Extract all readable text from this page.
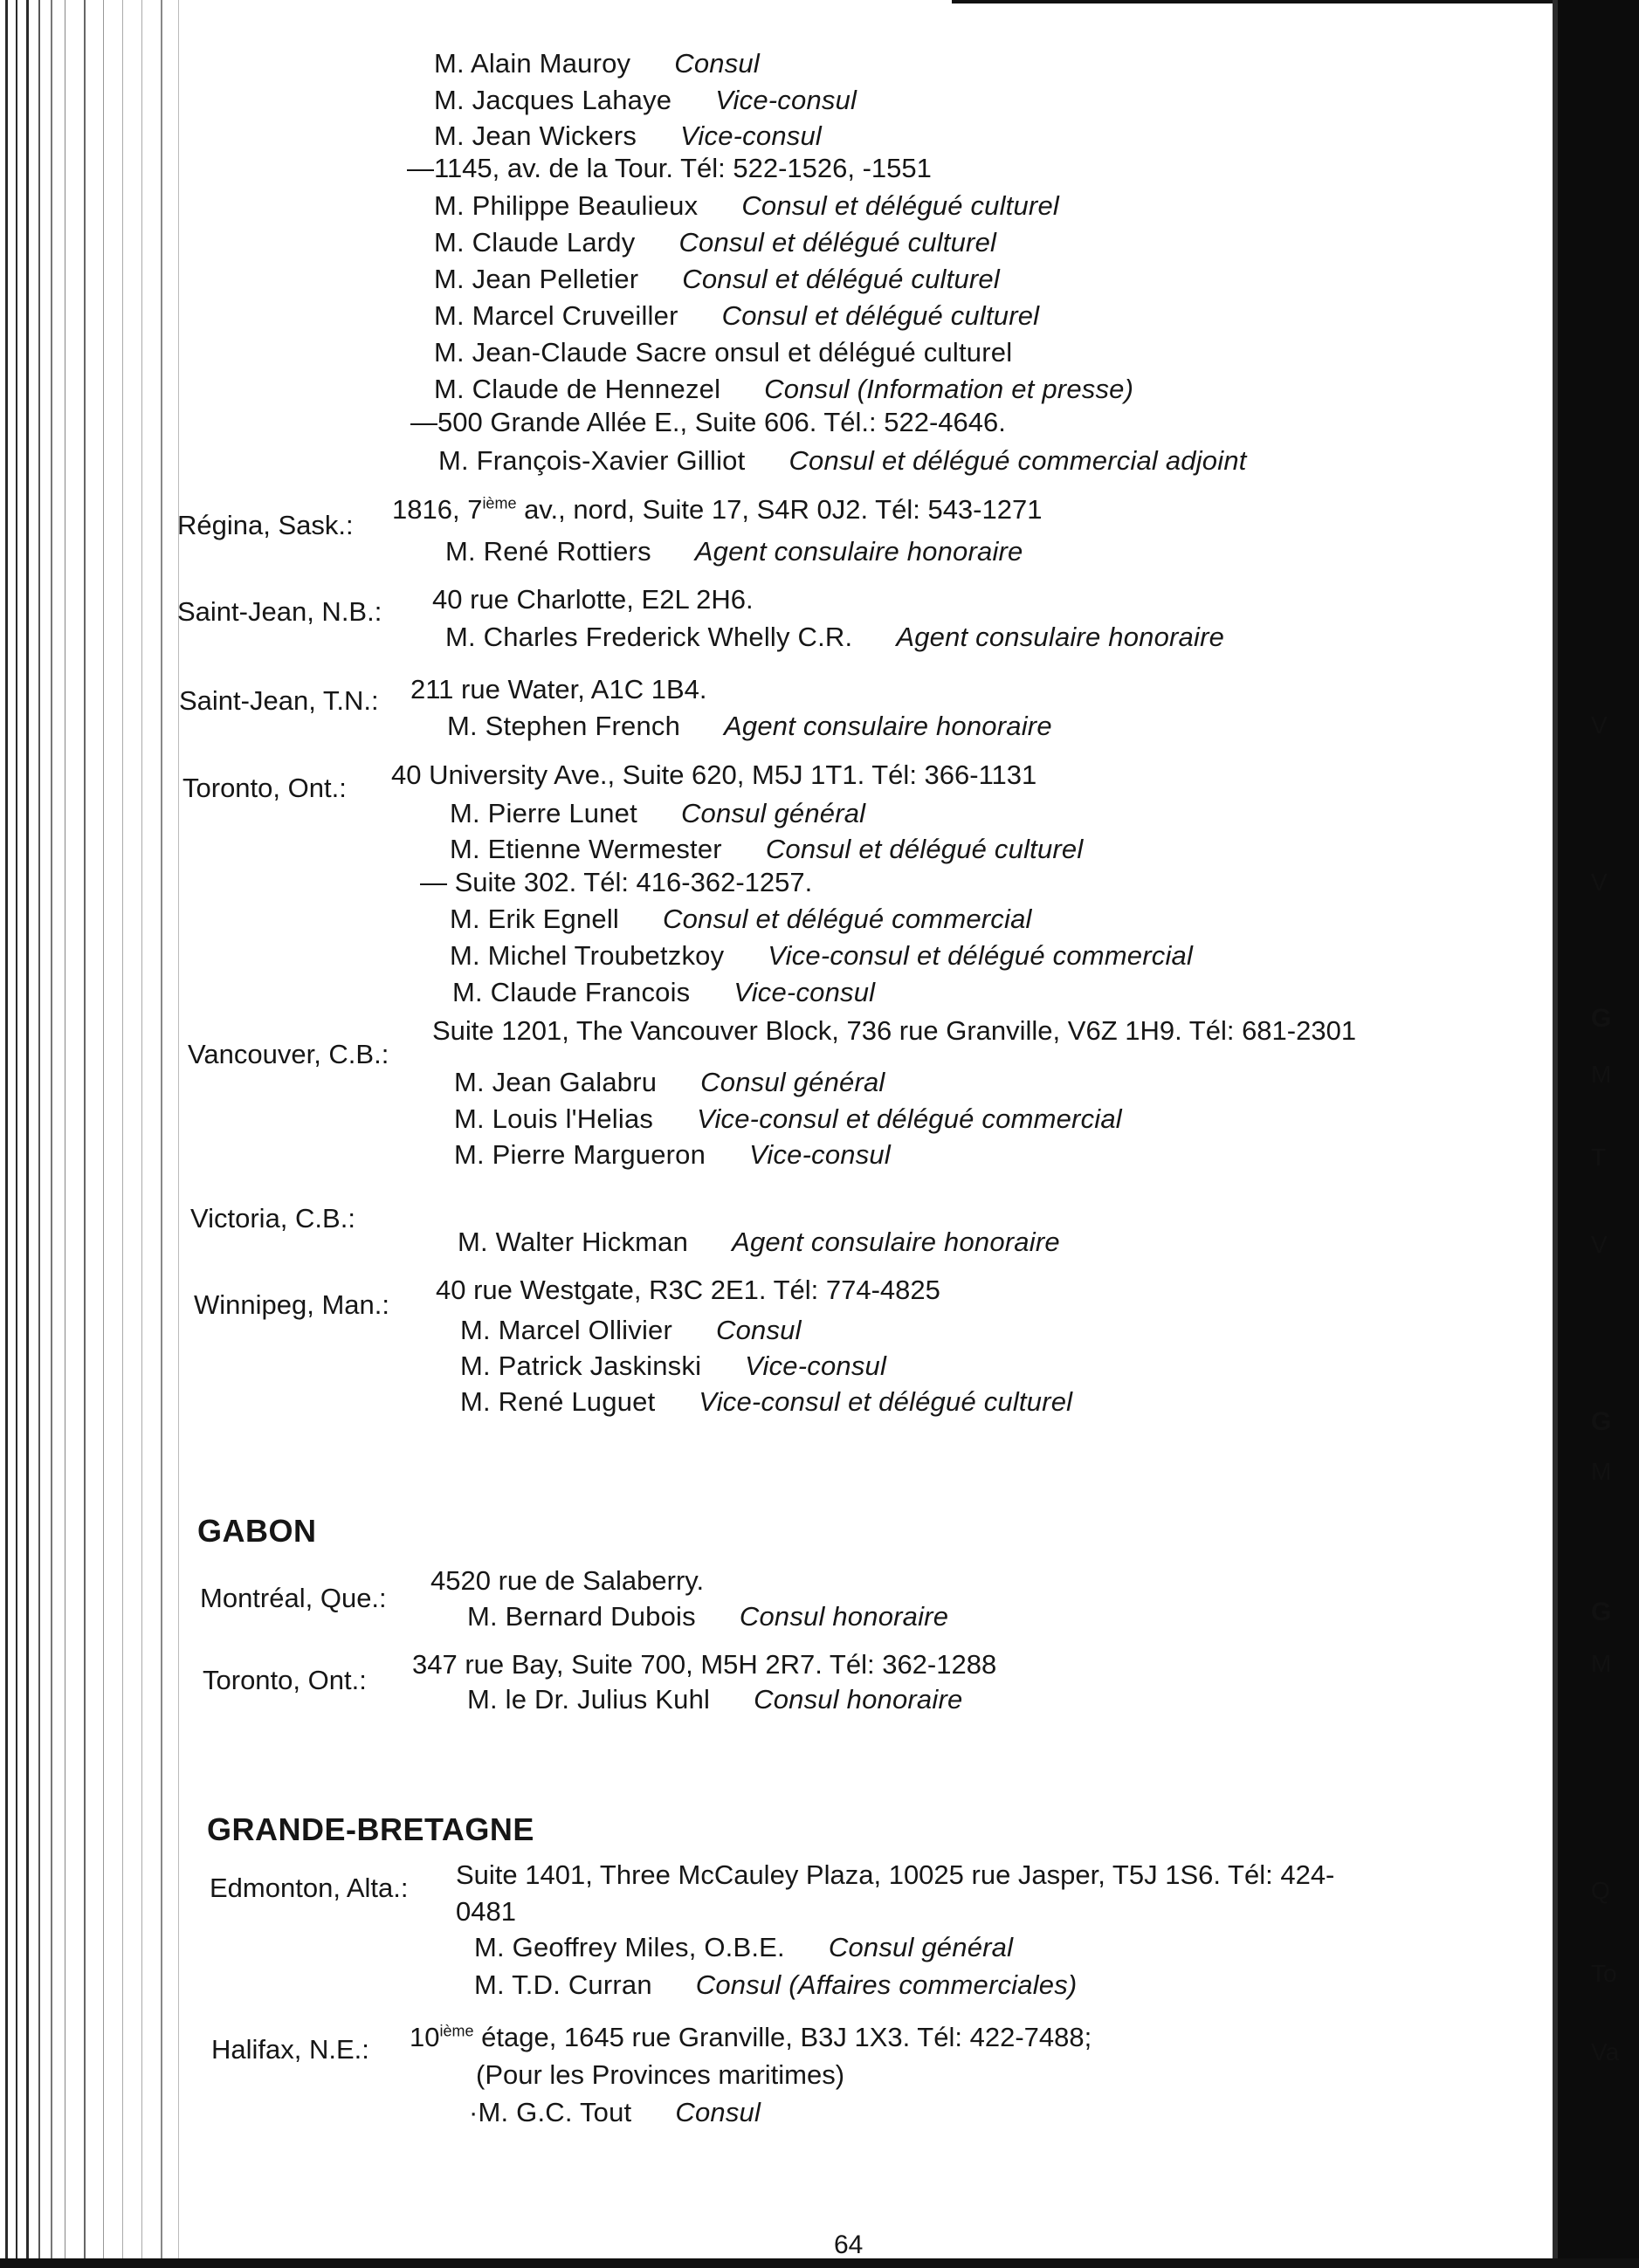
V
V
G
M
T
V
G
M
G
M
Q
To
Va
M. Alain Mauroy Consul
M. Jacques Lahaye Vice-consul
M. Jean Wickers Vice-consul
—1145, av. de la Tour. Tél: 522-1526, -1551
M. Philippe Beaulieux Consul et délégué culturel
M. Claude Lardy Consul et délégué culturel
M. Jean Pelletier Consul et délégué culturel
M. Marcel Cruveiller Consul et délégué culturel
M. Jean-Claude Sacre onsul et délégué culturel
M. Claude de Hennezel Consul (Information et presse)
—500 Grande Allée E., Suite 606. Tél.: 522-4646.
M. François-Xavier Gilliot Consul et délégué commercial adjoint
Régina, Sask.:
1816, 7ième av., nord, Suite 17, S4R 0J2. Tél: 543-1271
M. René Rottiers Agent consulaire honoraire
Saint-Jean, N.B.: 40 rue Charlotte, E2L 2H6.
M. Charles Frederick Whelly C.R. Agent consulaire honoraire
Saint-Jean, T.N.: 211 rue Water, A1C 1B4.
M. Stephen French Agent consulaire honoraire
Toronto, Ont.: 40 University Ave., Suite 620, M5J 1T1. Tél: 366-1131
M. Pierre Lunet Consul général
M. Etienne Wermester Consul et délégué culturel
— Suite 302. Tél: 416-362-1257.
M. Erik Egnell Consul et délégué commercial
M. Michel Troubetzkoy Vice-consul et délégué commercial
M. Claude Francois Vice-consul
Vancouver, C.B.:
Suite 1201, The Vancouver Block, 736 rue Granville, V6Z 1H9. Tél: 681-2301
M. Jean Galabru Consul général
M. Louis l'Helias Vice-consul et délégué commercial
M. Pierre Margueron Vice-consul
Victoria, C.B.:
M. Walter Hickman Agent consulaire honoraire
Winnipeg, Man.: 40 rue Westgate, R3C 2E1. Tél: 774-4825
M. Marcel Ollivier Consul
M. Patrick Jaskinski Vice-consul
M. René Luguet Vice-consul et délégué culturel
GABON
Montréal, Que.:
4520 rue de Salaberry.
M. Bernard Dubois Consul honoraire
Toronto, Ont.:
347 rue Bay, Suite 700, M5H 2R7. Tél: 362-1288
M. le Dr. Julius Kuhl Consul honoraire
GRANDE-BRETAGNE
Edmonton, Alta.: Suite 1401, Three McCauley Plaza, 10025 rue Jasper, T5J 1S6. Tél: 424-
0481
M. Geoffrey Miles, O.B.E. Consul général
M. T.D. Curran Consul (Affaires commerciales)
Halifax, N.E.: 10ième étage, 1645 rue Granville, B3J 1X3. Tél: 422-7488;
(Pour les Provinces maritimes)
·M. G.C. Tout Consul
64
